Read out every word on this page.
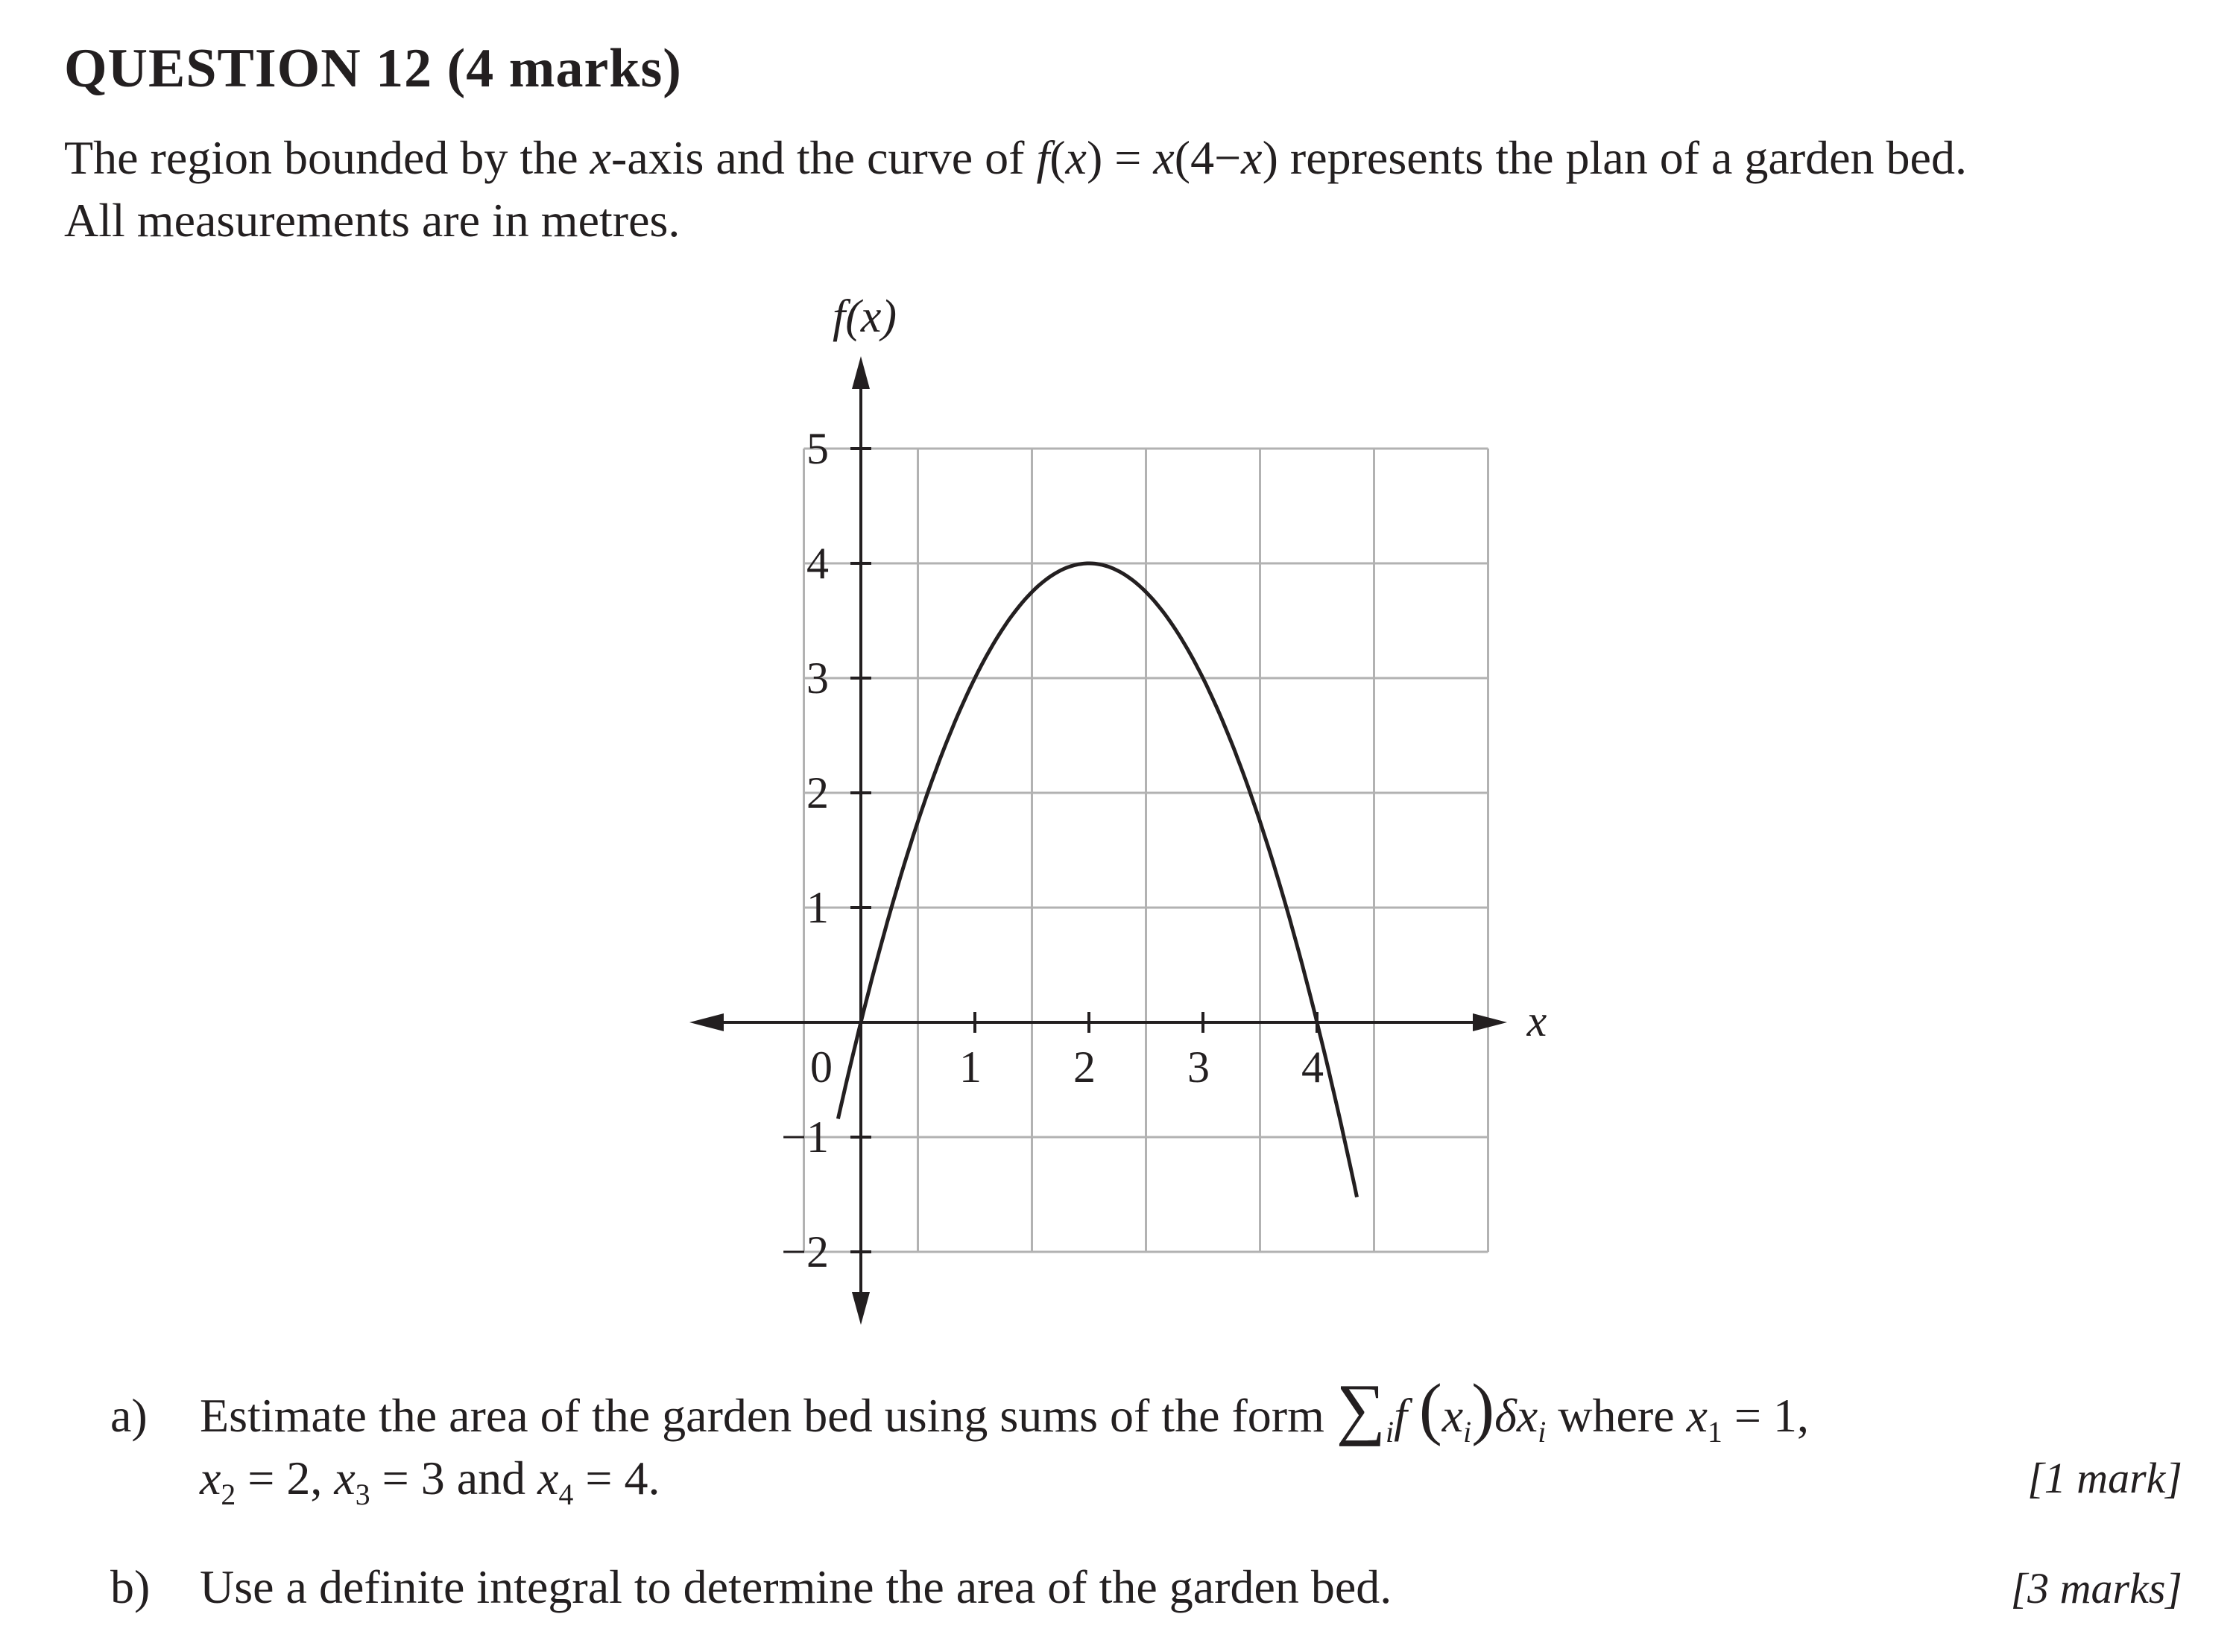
QUESTION 12 (4 marks)

The region bounded by the x-axis and the curve of f(x) = x(4−x) represents the plan of a garden bed.

All measurements are in metres.

5
4
3
2
1
−1
−2
1 2 3 4
0
x
f(x)
a) Estimate the area of the garden bed using sums of the form $\sum_if$ $(x_i)\delta x_i$ where $x_1 = 1$,

$x_2 = 2$, $x_3 = 3$ and $x_4 = 4$.	[1 mark]
b) Use a definite integral to determine the area of the garden bed.	[3 marks]
